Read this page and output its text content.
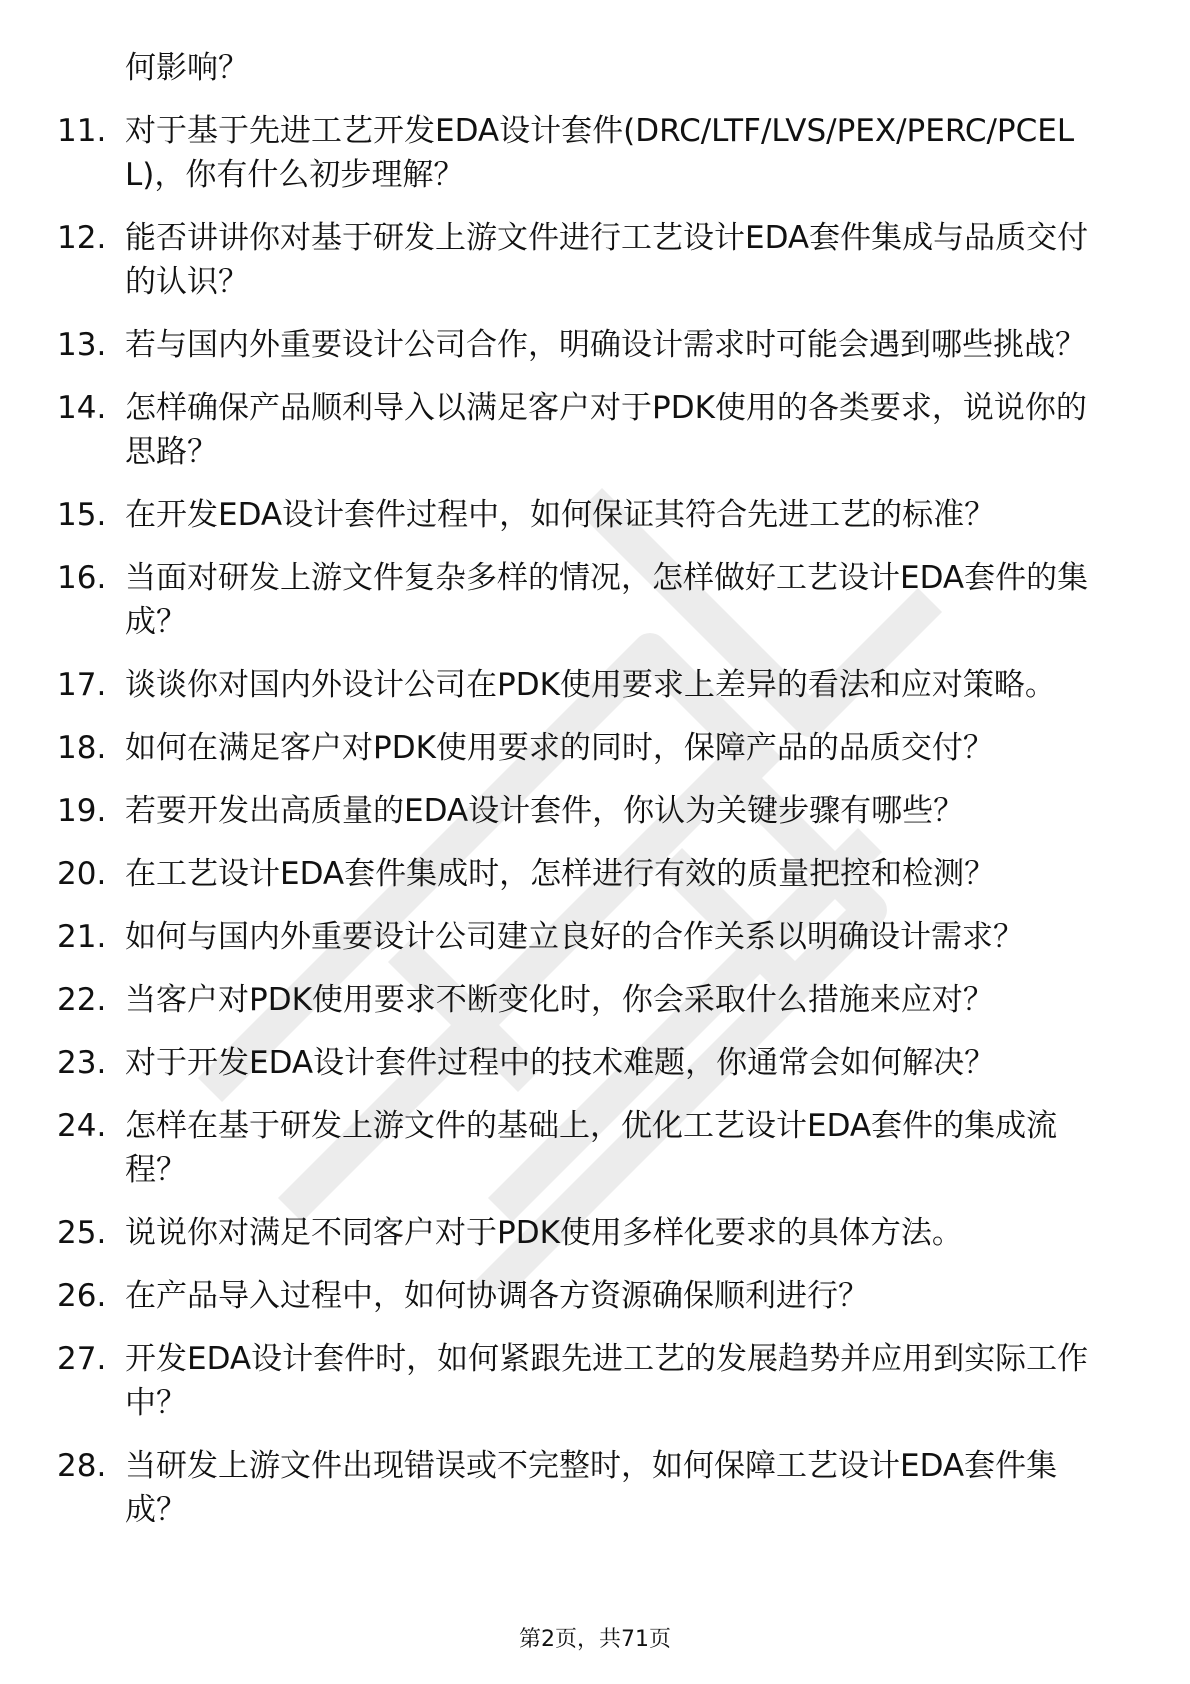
何影响？
11. 对于基于先进工艺开发EDA设计套件(DRC/LTF/LVS/PEX/PERC/PCELL)，你有什么初步理解？
12. 能否讲讲你对基于研发上游文件进行工艺设计EDA套件集成与品质交付的认识？
13. 若与国内外重要设计公司合作，明确设计需求时可能会遇到哪些挑战？
14. 怎样确保产品顺利导入以满足客户对于PDK使用的各类要求，说说你的思路？
15. 在开发EDA设计套件过程中，如何保证其符合先进工艺的标准？
16. 当面对研发上游文件复杂多样的情况，怎样做好工艺设计EDA套件的集成？
17. 谈谈你对国内外设计公司在PDK使用要求上差异的看法和应对策略。
18. 如何在满足客户对PDK使用要求的同时，保障产品的品质交付？
19. 若要开发出高质量的EDA设计套件，你认为关键步骤有哪些？
20. 在工艺设计EDA套件集成时，怎样进行有效的质量把控和检测？
21. 如何与国内外重要设计公司建立良好的合作关系以明确设计需求？
22. 当客户对PDK使用要求不断变化时，你会采取什么措施来应对？
23. 对于开发EDA设计套件过程中的技术难题，你通常会如何解决？
24. 怎样在基于研发上游文件的基础上，优化工艺设计EDA套件的集成流程？
25. 说说你对满足不同客户对于PDK使用多样化要求的具体方法。
26. 在产品导入过程中，如何协调各方资源确保顺利进行？
27. 开发EDA设计套件时，如何紧跟先进工艺的发展趋势并应用到实际工作中？
28. 当研发上游文件出现错误或不完整时，如何保障工艺设计EDA套件集成？
第2页，共71页
